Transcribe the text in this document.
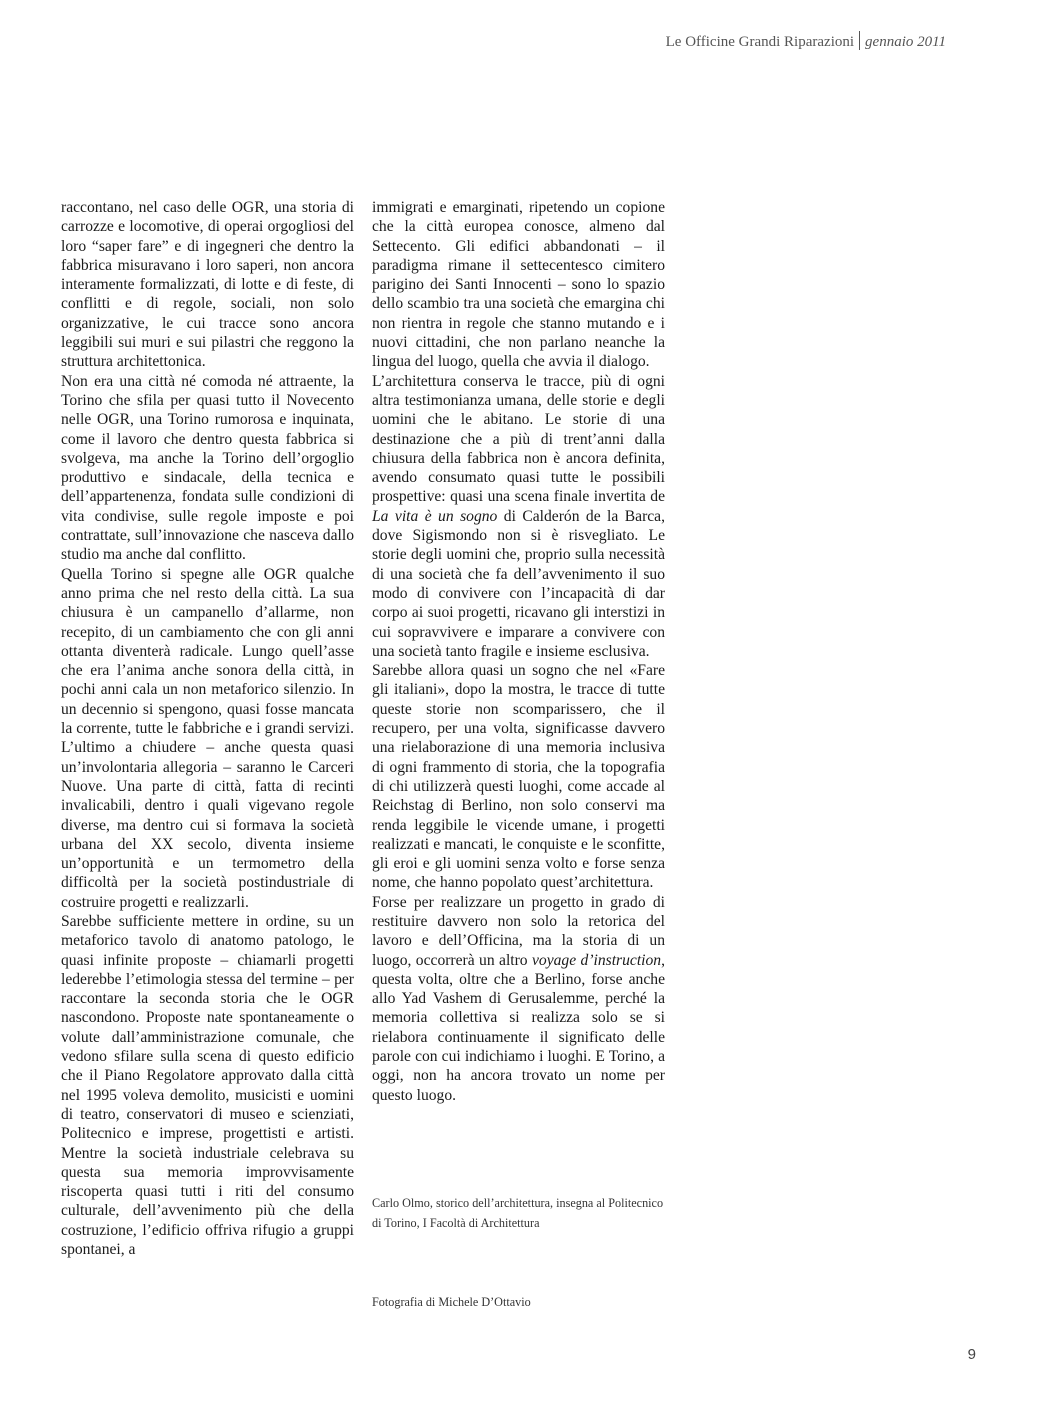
Le Officine Grandi Riparazioni gennaio 2011

raccontano, nel caso delle OGR, una storia di carrozze e locomotive, di operai orgogliosi del loro “saper fare” e di ingegneri che dentro la fabbrica misuravano i loro saperi, non ancora interamente formalizzati, di lotte e di feste, di conflitti e di regole, sociali, non solo organizzative, le cui tracce sono ancora leggibili sui muri e sui pilastri che reggono la struttura architettonica.

Non era una città né comoda né attraente, la Torino che sfila per quasi tutto il Novecento nelle OGR, una Torino rumorosa e inquinata, come il lavoro che dentro questa fabbrica si svolgeva, ma anche la Torino dell’orgoglio produttivo e sindacale, della tecnica e dell’appartenenza, fondata sulle condizioni di vita condivise, sulle regole imposte e poi contrattate, sull’innovazione che nasceva dallo studio ma anche dal conflitto.

Quella Torino si spegne alle OGR qualche anno prima che nel resto della città. La sua chiusura è un campanello d’allarme, non recepito, di un cambiamento che con gli anni ottanta diventerà radicale. Lungo quell’asse che era l’anima anche sonora della città, in pochi anni cala un non metaforico silenzio. In un decennio si spengono, quasi fosse mancata la corrente, tutte le fabbriche e i grandi servizi. L’ultimo a chiudere – anche questa quasi un’involontaria allegoria – saranno le Carceri Nuove. Una parte di città, fatta di recinti invalicabili, dentro i quali vigevano regole diverse, ma dentro cui si formava la società urbana del XX secolo, diventa insieme un’opportunità e un termometro della difficoltà per la società postindustriale di costruire progetti e realizzarli.

Sarebbe sufficiente mettere in ordine, su un metaforico tavolo di anatomo patologo, le quasi infinite proposte – chiamarli progetti lederebbe l’etimologia stessa del termine – per raccontare la seconda storia che le OGR nascondono. Proposte nate spontaneamente o volute dall’amministrazione comunale, che vedono sfilare sulla scena di questo edificio che il Piano Regolatore approvato dalla città nel 1995 voleva demolito, musicisti e uomini di teatro, conservatori di museo e scienziati, Politecnico e imprese, progettisti e artisti. Mentre la società industriale celebrava su questa sua memoria improvvisamente riscoperta quasi tutti i riti del consumo culturale, dell’avvenimento più che della costruzione, l’edificio offriva rifugio a gruppi spontanei, a

immigrati e emarginati, ripetendo un copione che la città europea conosce, almeno dal Settecento. Gli edifici abbandonati – il paradigma rimane il settecentesco cimitero parigino dei Santi Innocenti – sono lo spazio dello scambio tra una società che emargina chi non rientra in regole che stanno mutando e i nuovi cittadini, che non parlano neanche la lingua del luogo, quella che avvia il dialogo.

L’architettura conserva le tracce, più di ogni altra testimonianza umana, delle storie e degli uomini che le abitano. Le storie di una destinazione che a più di trent’anni dalla chiusura della fabbrica non è ancora definita, avendo consumato quasi tutte le possibili prospettive: quasi una scena finale invertita de La vita è un sogno di Calderón de la Barca, dove Sigismondo non si è risvegliato. Le storie degli uomini che, proprio sulla necessità di una società che fa dell’avvenimento il suo modo di convivere con l’incapacità di dar corpo ai suoi progetti, ricavano gli interstizi in cui sopravvivere e imparare a convivere con una società tanto fragile e insieme esclusiva.

Sarebbe allora quasi un sogno che nel «Fare gli italiani», dopo la mostra, le tracce di tutte queste storie non scomparissero, che il recupero, per una volta, significasse davvero una rielaborazione di una memoria inclusiva di ogni frammento di storia, che la topografia di chi utilizzerà questi luoghi, come accade al Reichstag di Berlino, non solo conservi ma renda leggibile le vicende umane, i progetti realizzati e mancati, le conquiste e le sconfitte, gli eroi e gli uomini senza volto e forse senza nome, che hanno popolato quest’architettura.

Forse per realizzare un progetto in grado di restituire davvero non solo la retorica del lavoro e dell’Officina, ma la storia di un luogo, occorrerà un altro voyage d’instruction, questa volta, oltre che a Berlino, forse anche allo Yad Vashem di Gerusalemme, perché la memoria collettiva si realizza solo se si rielabora continuamente il significato delle parole con cui indichiamo i luoghi. E Torino, a oggi, non ha ancora trovato un nome per questo luogo.

Carlo Olmo, storico dell’architettura, insegna al Politecnico di Torino, I Facoltà di Architettura
Fotografia di Michele D’Ottavio
9
